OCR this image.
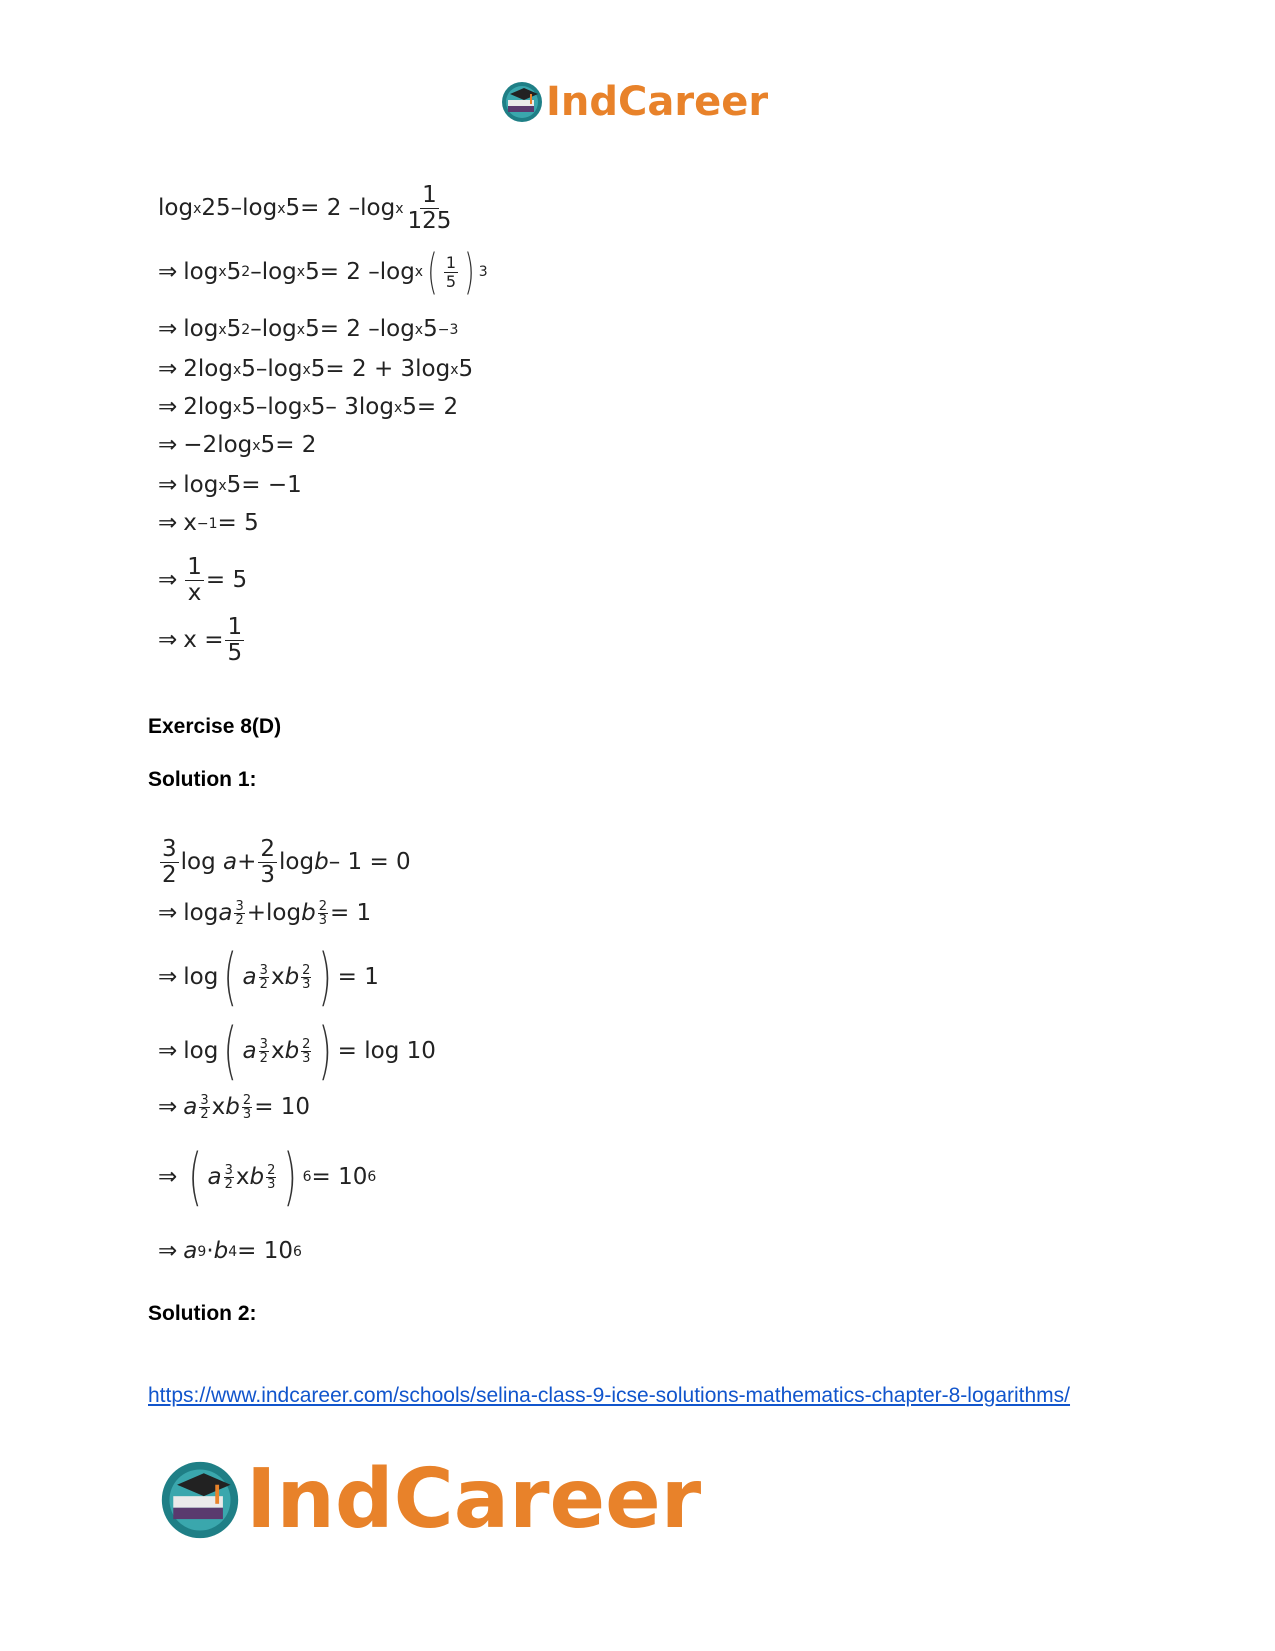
IndCareer
log x 25 – log x 5 = 2 – log x $\frac{1}{125}$
⇒ log x 5 2 – log x 5 = 2 – log x ( $\frac{1}{5}$ ) 3
⇒ log x 5 2 – log x 5 = 2 – log x 5 −3
⇒ 2 log x 5 – log x 5 = 2 + 3 log x 5
⇒ 2 log x 5 – log x 5 – 3 log x 5 = 2
⇒ −2 log x 5 = 2
⇒ log x 5 = −1
⇒ x −1 = 5
⇒ $\frac{1}{x} = 5$
⇒ $x = \frac{1}{5}$
Exercise 8(D)
Solution 1:
$\frac{3}{2}$ log
$a + \frac{2}{3}$ log b – 1 = 0
⇒ log a $\frac{3}{2} + \log b \frac{2}{3} = 1$
⇒ log ( a $\frac{3}{2}$ x b $\frac{2}{3}$ ) = 1
⇒ log ( a $\frac{3}{2}$ x b $\frac{2}{3}$ ) = log 10
⇒ a $\frac{3}{2}$ x b $\frac{2}{3} = 10$
⇒ ( a $\frac{3}{2}$ x b $\frac{2}{3}$ ) 6 = 10 6
⇒ a 9 · b 4 = 10 6
Solution 2:
https://www.indcareer.com/schools/selina-class-9-icse-solutions-mathematics-chapter-8-logarithms/
IndCareer
